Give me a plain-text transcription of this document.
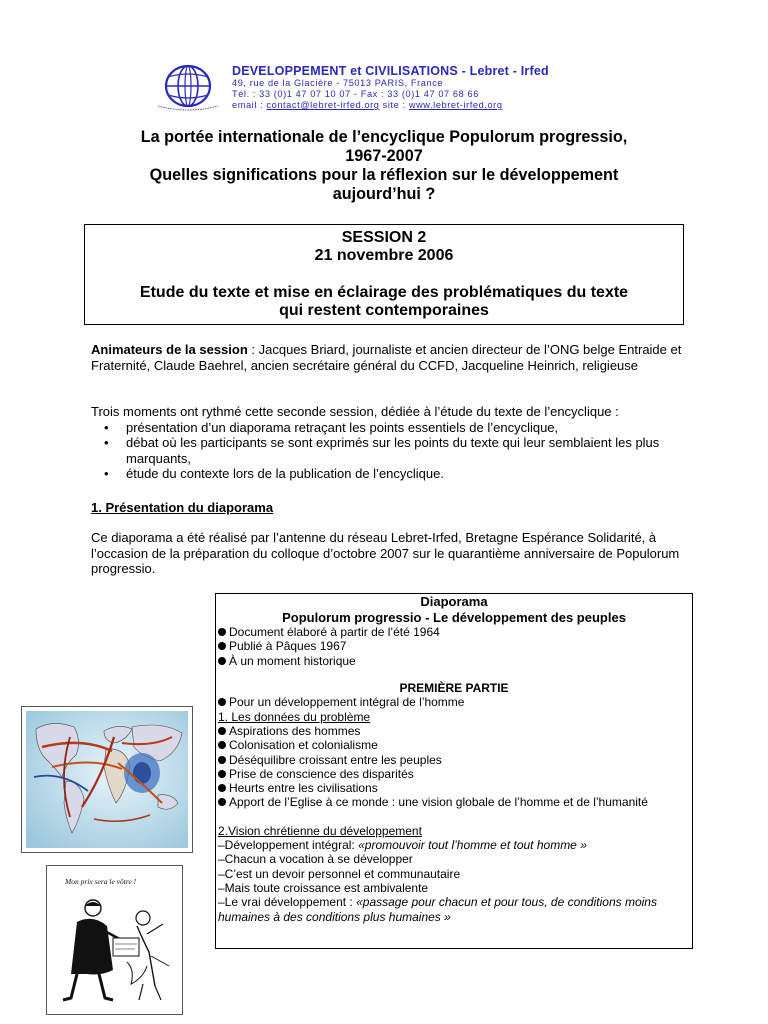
DEVELOPPEMENT et CIVILISATIONS - Lebret - Irfed
49, rue de la Glacière - 75013 PARIS, France
Tél. : 33 (0)1 47 07 10 07 - Fax : 33 (0)1 47 07 68 66
email : contact@lebret-irfed.org site : www.lebret-irfed.org
La portée internationale de l’encyclique Populorum progressio,
1967-2007
Quelles significations pour la réflexion sur le développement
aujourd’hui ?
SESSION 2
21 novembre 2006
Etude du texte et mise en éclairage des problématiques du texte
qui restent contemporaines
Animateurs de la session : Jacques Briard, journaliste et ancien directeur de l’ONG belge Entraide et Fraternité, Claude Baehrel, ancien secrétaire général du CCFD, Jacqueline Heinrich, religieuse
Trois moments ont rythmé cette seconde session, dédiée à l’étude du texte de l’encyclique :
• présentation d’un diaporama retraçant les points essentiels de l’encyclique,
• débat où les participants se sont exprimés sur les points du texte qui leur semblaient les plus marquants,
• étude du contexte lors de la publication de l’encyclique.
1. Présentation du diaporama
Ce diaporama a été réalisé par l’antenne du réseau Lebret-Irfed, Bretagne Espérance Solidarité, à l’occasion de la préparation du colloque d’octobre 2007 sur le quarantième anniversaire de Populorum progressio.
Diaporama
Populorum progressio - Le développement des peuples
Document élaboré à partir de l’été 1964
Publié à Pâques 1967
À un moment historique
PREMIÈRE PARTIE
Pour un développement intégral de l’homme
1. Les données du problème
Aspirations des hommes
Colonisation et colonialisme
Déséquilibre croissant entre les peuples
Prise de conscience des disparités
Heurts entre les civilisations
Apport de l’Eglise à ce monde : une vision globale de l’homme et de l’humanité
2.Vision chrétienne du développement
–Développement intégral: «promouvoir tout l’homme et tout homme »
–Chacun a vocation à se développer
–C’est un devoir personnel et communautaire
–Mais toute croissance est ambivalente
–Le vrai développement : «passage pour chacun et pour tous, de conditions moins humaines à des conditions plus humaines »
Mon prix sera le vôtre !
